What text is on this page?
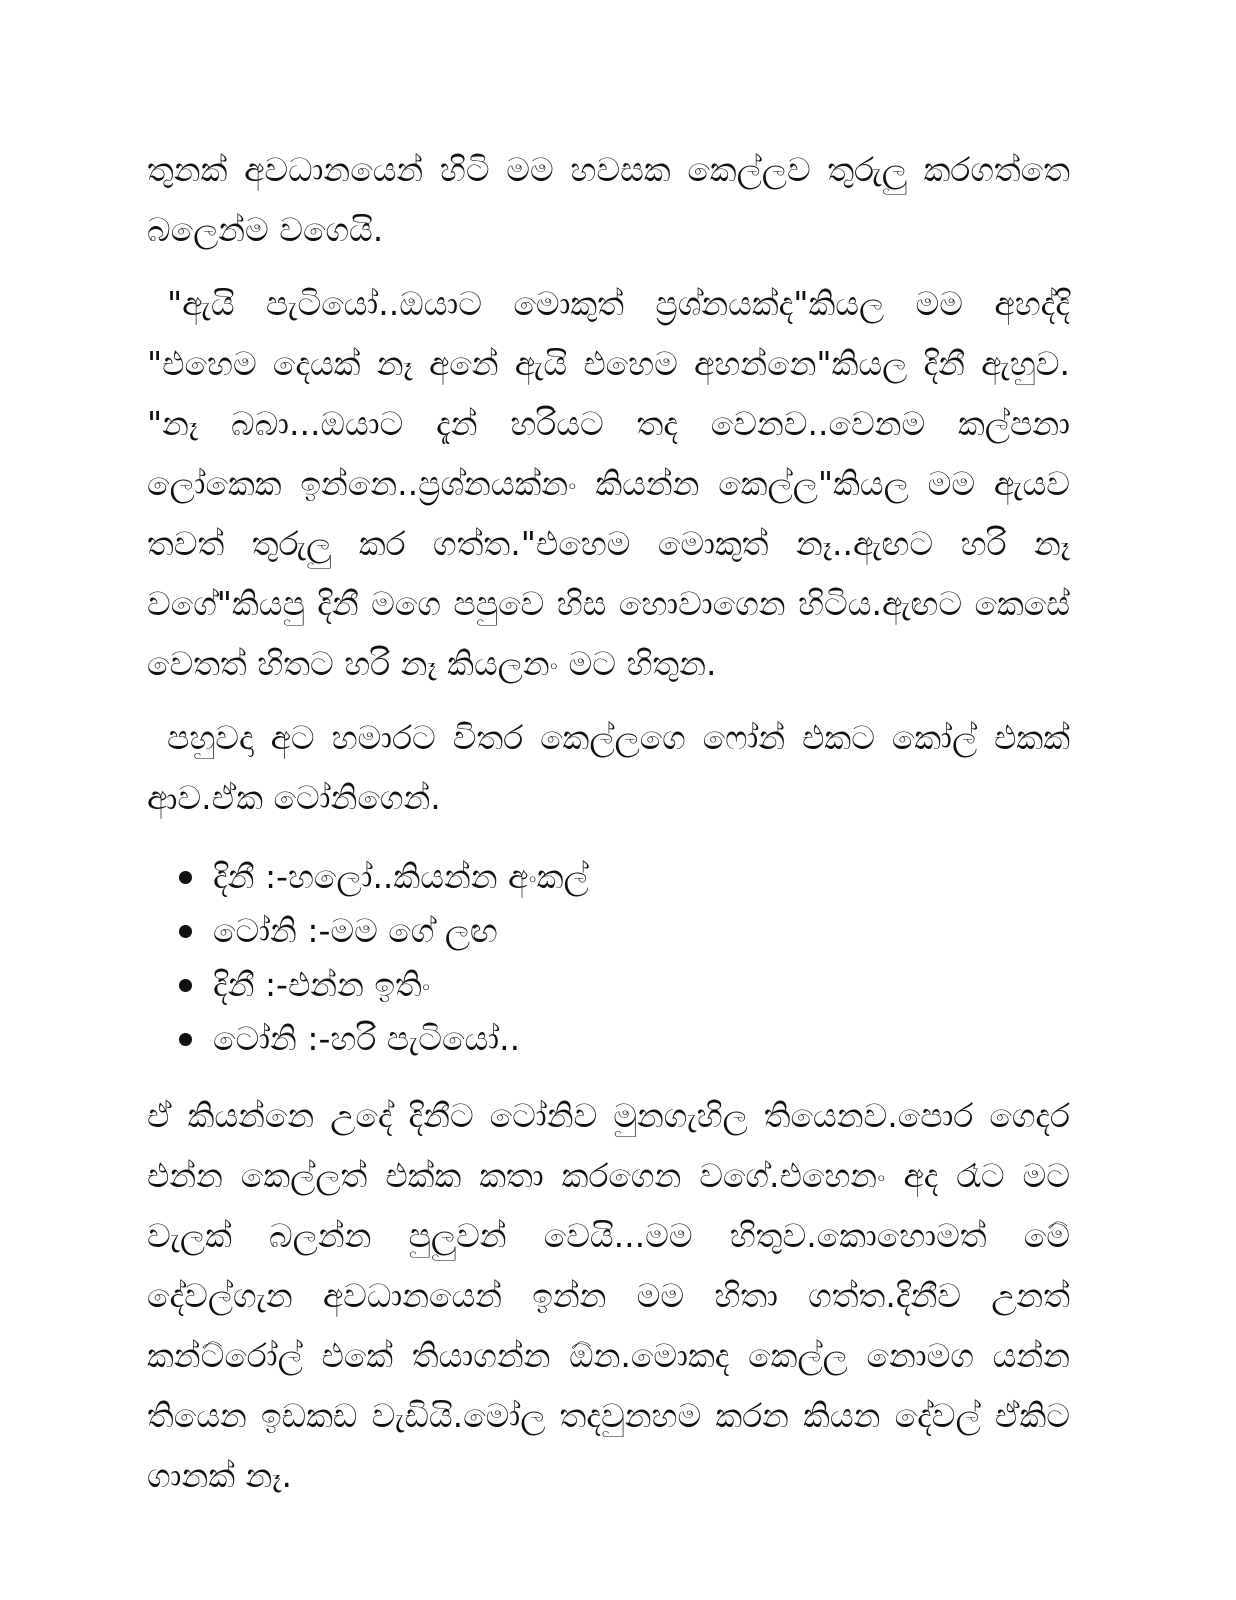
තුනක් අවධානයෙන් හිටි මම හවසක කෙල්ලව තුරුලු කරගත්තෙ බලෙන්ම වගෙයි.

"ඇයි පැටියෝ..ඔයාට මොකුත් ප්‍රශ්නයක්ද"කියල මම අහද්දි "එහෙම දෙයක් නෑ අනේ ඇයි එහෙම අහන්නෙ"කියල දිනී ඇහුව. "නෑ බබා...ඔයාට දැන් හරියට තද වෙනව..වෙනම කල්පනා ලෝකෙක ඉන්නෙ..ප්‍රශ්නයක්නං කියන්න කෙල්ල"කියල මම ඇයව තවත් තුරුලු කර ගත්ත."එහෙම මොකුත් නෑ..ඇඟට හරි නෑ වගේ"කියපු දිනී මගෙ පපුවෙ හිස හොවාගෙන හිටිය.ඇඟට කෙසේ වෙතත් හිතට හරි නෑ කියලනං මට හිතුන.

පහුවදා අට හමාරට විතර කෙල්ලගෙ ෆෝන් එකට කෝල් එකක් ආව.ඒක ටෝනිගෙන්.

දිනී :-හලෝ..කියන්න අංකල්
ටෝනි :-මම ගේ ලඟ
දිනී :-එන්න ඉතිං
ටෝනි :-හරි පැටියෝ..

ඒ කියන්නෙ උදේ දිනීට ටෝනිව මුනගැහිල තියෙනව.පොර ගෙදර එන්න කෙල්ලත් එක්ක කතා කරගෙන වගේ.එහෙනං අද රෑට මට වැලක් බලන්න පුලුවන් වෙයි...මම හිතුව.කොහොමත් මේ දේවල්ගැන අවධානයෙන් ඉන්න මම හිතා ගත්ත.දිනීව උනත් කන්ට්රෝල් එකේ තියාගන්න ඕන.මොකද කෙල්ල නොමග යන්න තියෙන ඉඩකඩ වැඩියි.මෝල තදවුනහම කරන කියන දේවල් ඒකිට ගානක් නෑ.
